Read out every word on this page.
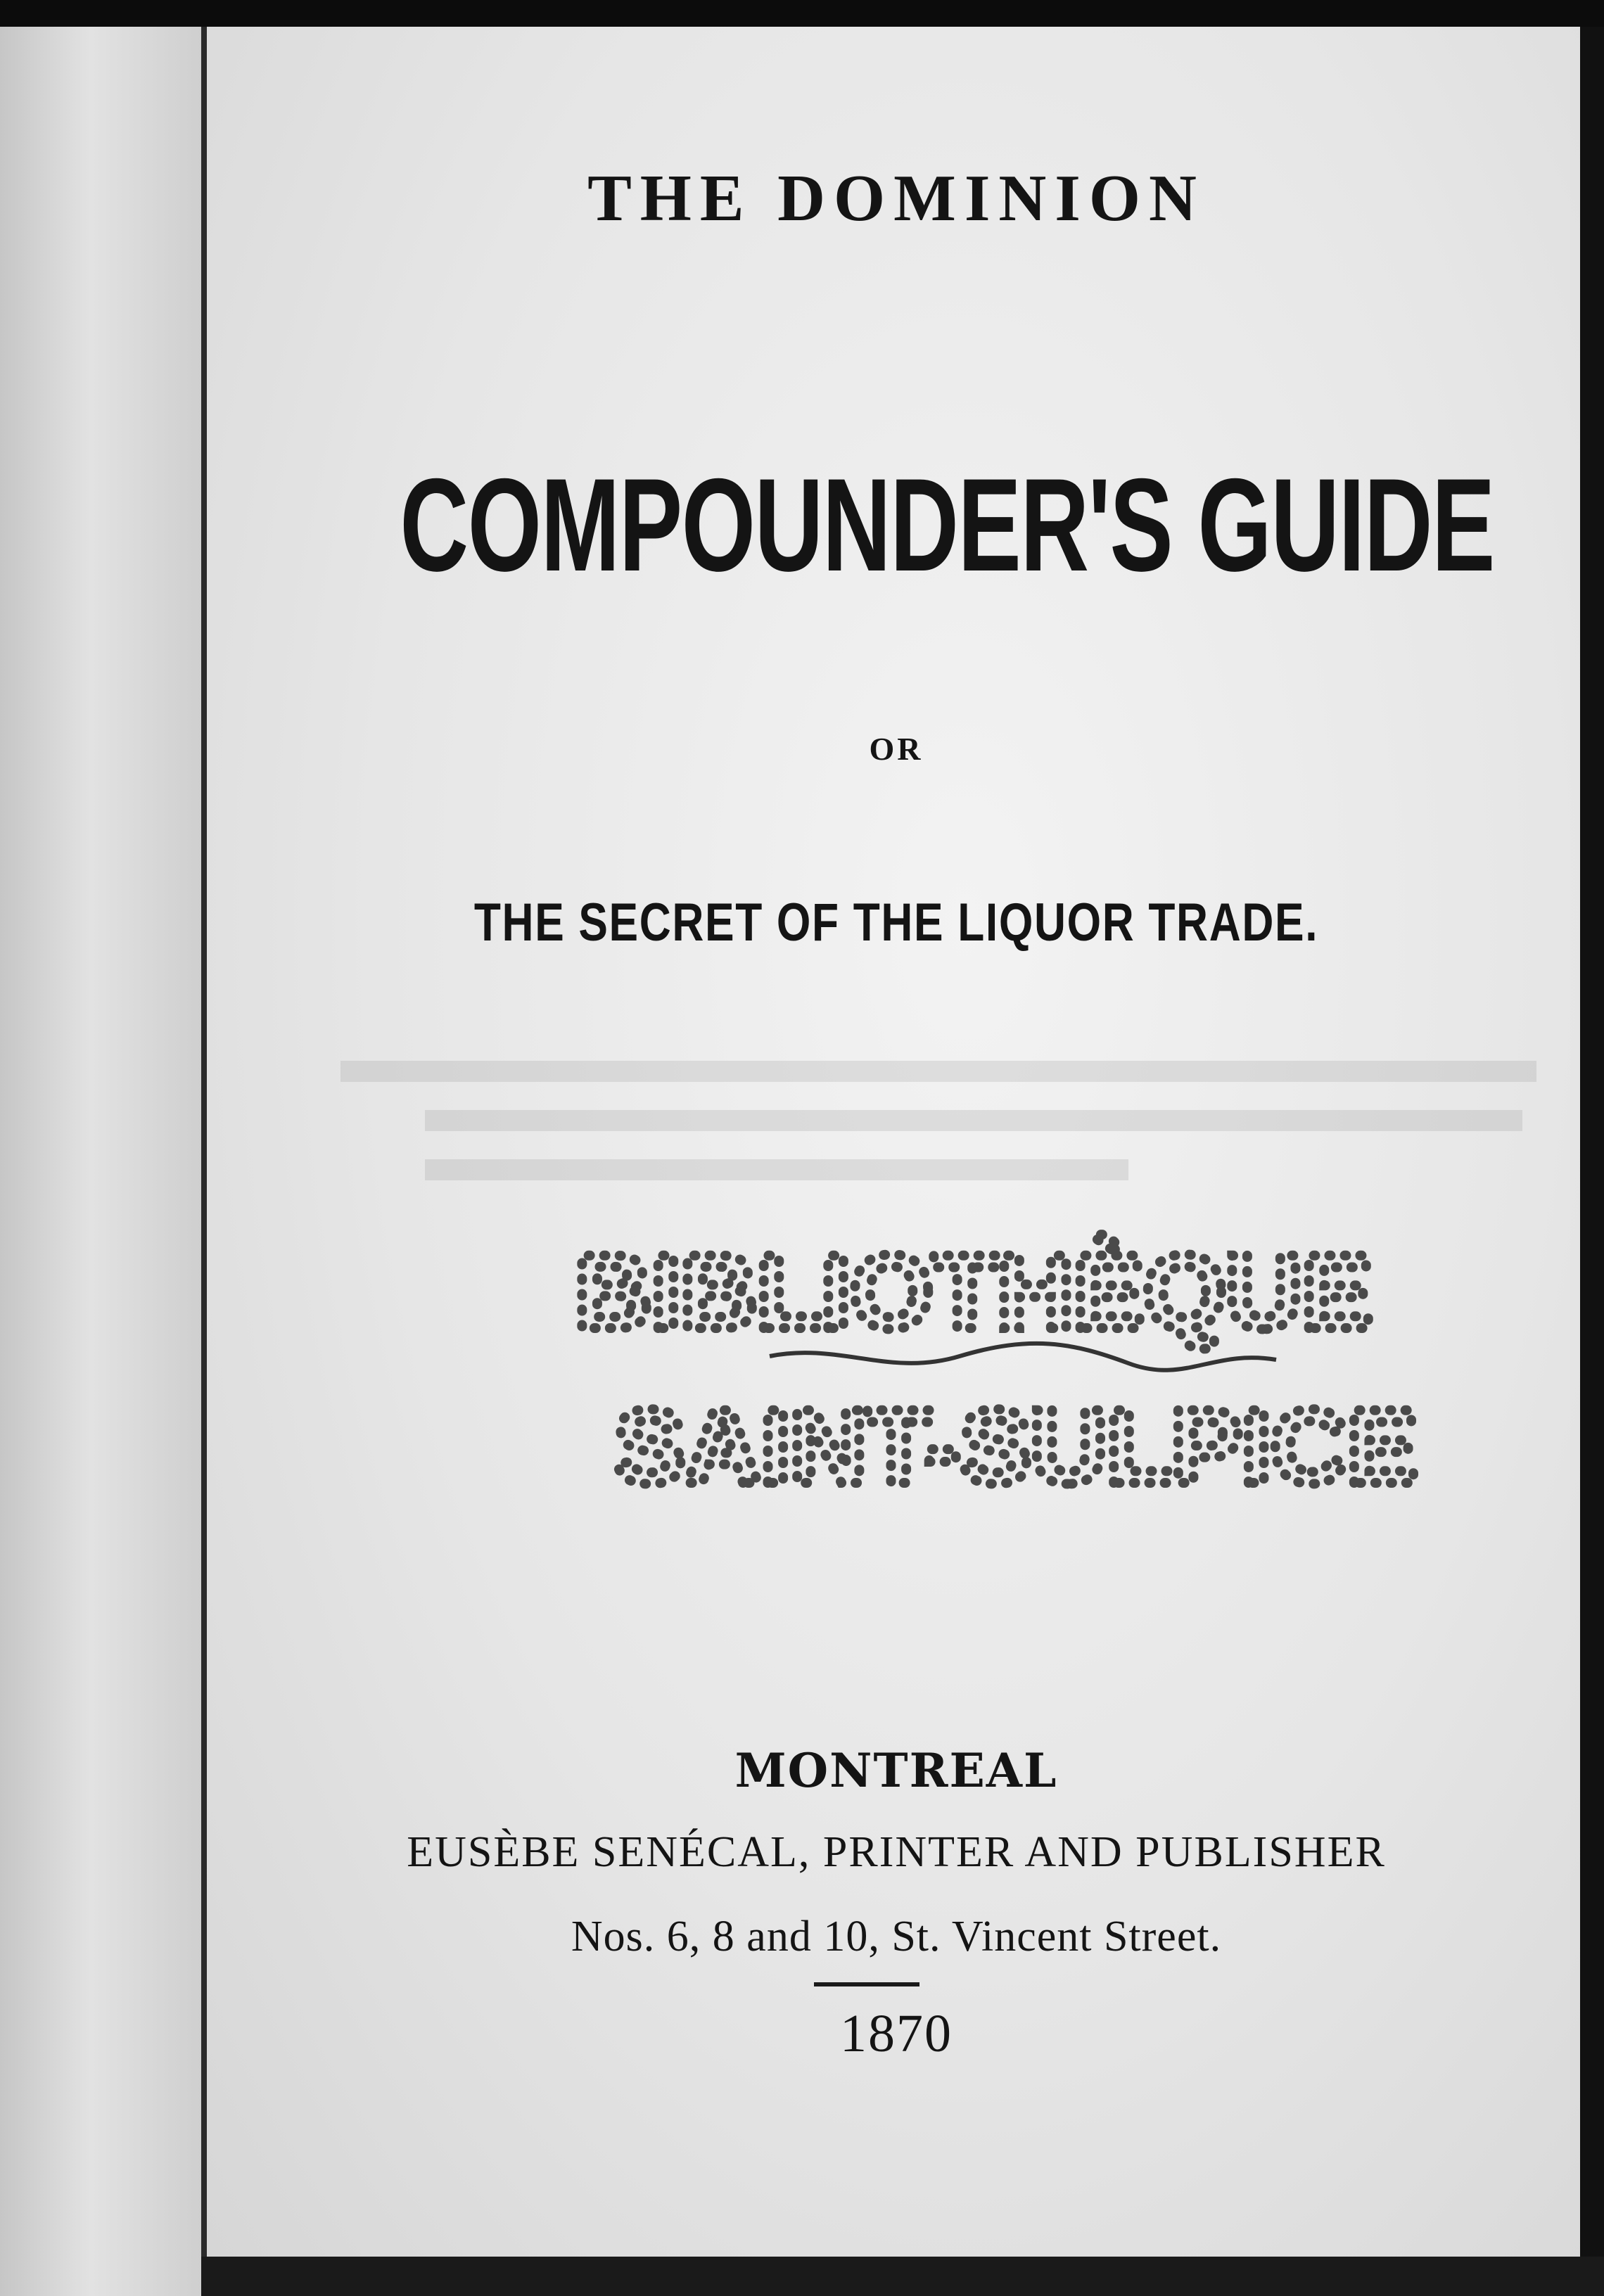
THE DOMINION
COMPOUNDER'S GUIDE
OR
THE SECRET OF THE LIQUOR TRADE.
BIBLIOTHÈQUE
SAINT-SULPICE
MONTREAL
EUSÈBE SENÉCAL, PRINTER AND PUBLISHER
Nos. 6, 8 and 10, St. Vincent Street.
1870
